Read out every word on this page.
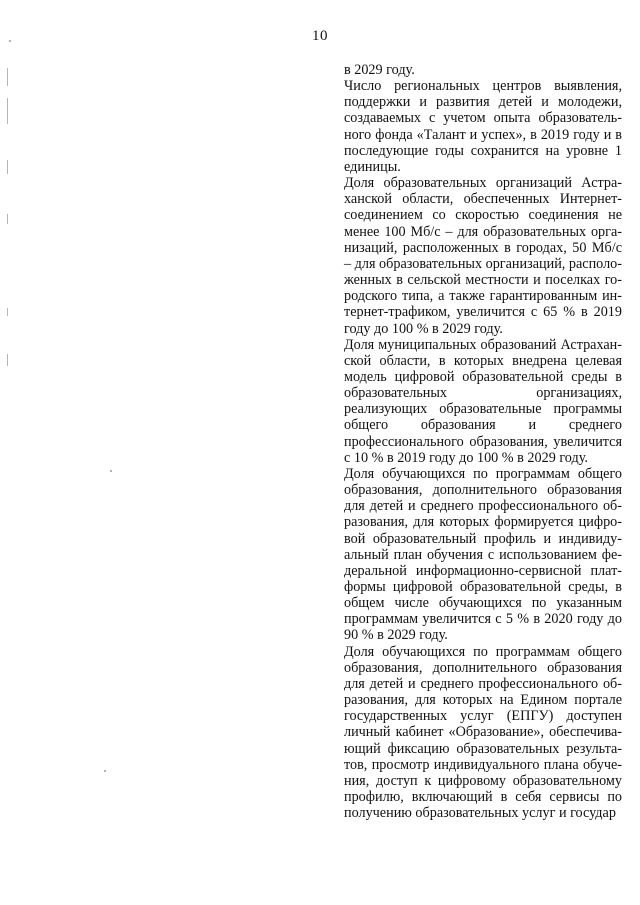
10

в 2029 году.

Число региональных центров выявления, поддержки и развития детей и молодежи, создаваемых с учетом опыта образовательного фонда «Талант и успех», в 2019 году и в последующие годы сохранится на уровне 1 единицы.

Доля образовательных организаций Астраханской области, обеспеченных Интернет-соединением со скоростью соединения не менее 100 Мб/с – для образовательных организаций, расположенных в городах, 50 Мб/с – для образовательных организаций, расположенных в сельской местности и поселках городского типа, а также гарантированным интернет-трафиком, увеличится с 65 % в 2019 году до 100 % в 2029 году.

Доля муниципальных образований Астраханской области, в которых внедрена целевая модель цифровой образовательной среды в образовательных организациях, реализующих образовательные программы общего образования и среднего профессионального образования, увеличится с 10 % в 2019 году до 100 % в 2029 году.

Доля обучающихся по программам общего образования, дополнительного образования для детей и среднего профессионального образования, для которых формируется цифровой образовательный профиль и индивидуальный план обучения с использованием федеральной информационно-сервисной платформы цифровой образовательной среды, в общем числе обучающихся по указанным программам увеличится с 5 % в 2020 году до 90 % в 2029 году.

Доля обучающихся по программам общего образования, дополнительного образования для детей и среднего профессионального образования, для которых на Едином портале государственных услуг (ЕПГУ) доступен личный кабинет «Образование», обеспечивающий фиксацию образовательных результатов, просмотр индивидуального плана обучения, доступ к цифровому образовательному профилю, включающий в себя сервисы по получению образовательных услуг и государ
